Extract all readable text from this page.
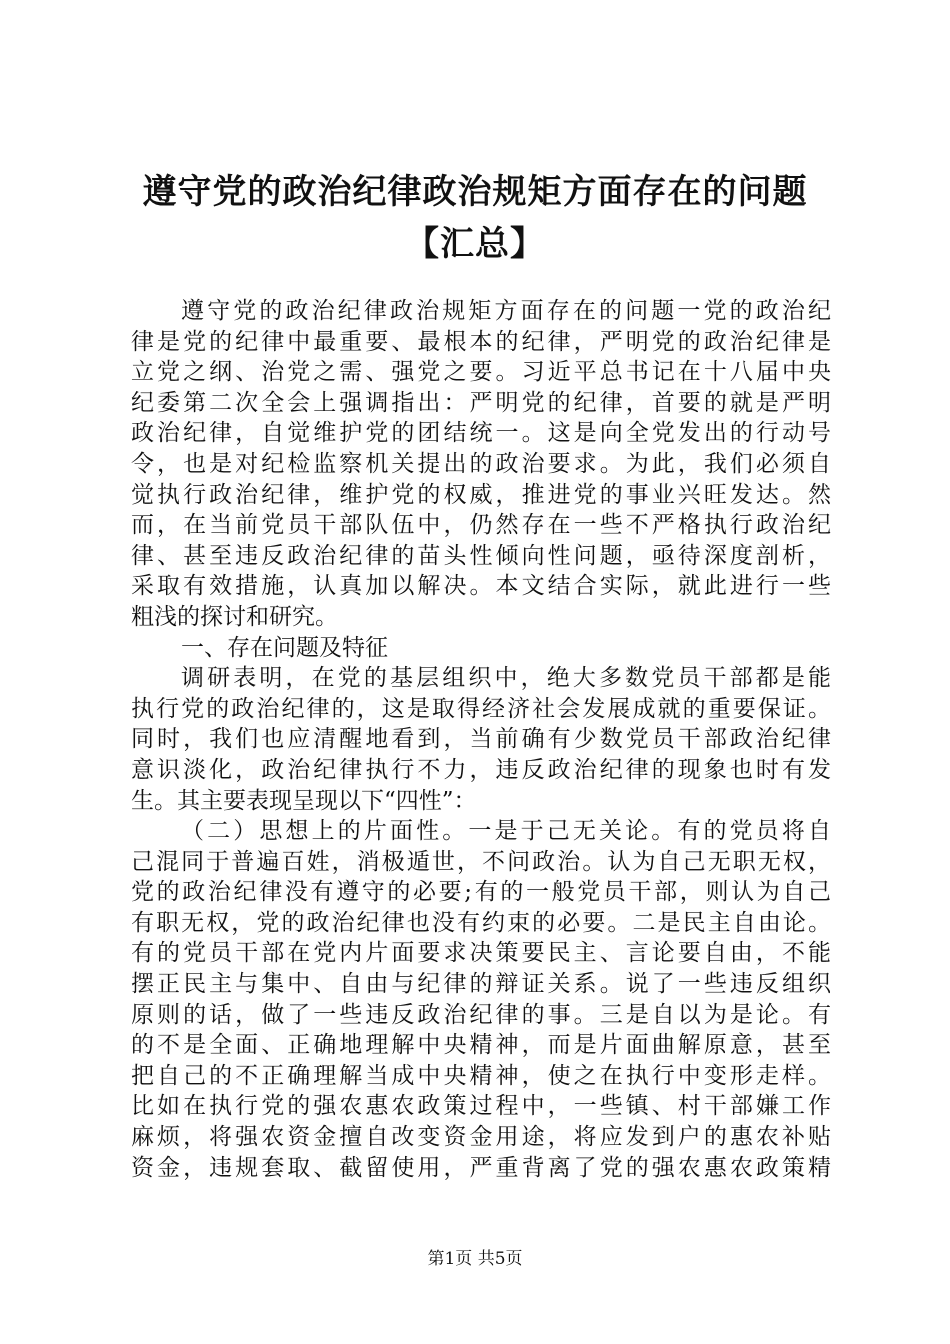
遵守党的政治纪律政治规矩方面存在的问题
【汇总】
遵守党的政治纪律政治规矩方面存在的问题一党的政治纪
律是党的纪律中最重要、最根本的纪律，严明党的政治纪律是
立党之纲、治党之需、强党之要。习近平总书记在十八届中央
纪委第二次全会上强调指出：严明党的纪律，首要的就是严明
政治纪律，自觉维护党的团结统一。这是向全党发出的行动号
令，也是对纪检监察机关提出的政治要求。为此，我们必须自
觉执行政治纪律，维护党的权威，推进党的事业兴旺发达。然
而，在当前党员干部队伍中，仍然存在一些不严格执行政治纪
律、甚至违反政治纪律的苗头性倾向性问题，亟待深度剖析，
采取有效措施，认真加以解决。本文结合实际，就此进行一些
粗浅的探讨和研究。
一、存在问题及特征
调研表明，在党的基层组织中，绝大多数党员干部都是能
执行党的政治纪律的，这是取得经济社会发展成就的重要保证。
同时，我们也应清醒地看到，当前确有少数党员干部政治纪律
意识淡化，政治纪律执行不力，违反政治纪律的现象也时有发
生。其主要表现呈现以下“四性”：
（二）思想上的片面性。一是于己无关论。有的党员将自
己混同于普遍百姓，消极遁世，不问政治。认为自己无职无权，
党的政治纪律没有遵守的必要;有的一般党员干部，则认为自己
有职无权，党的政治纪律也没有约束的必要。二是民主自由论。
有的党员干部在党内片面要求决策要民主、言论要自由，不能
摆正民主与集中、自由与纪律的辩证关系。说了一些违反组织
原则的话，做了一些违反政治纪律的事。三是自以为是论。有
的不是全面、正确地理解中央精神，而是片面曲解原意，甚至
把自己的不正确理解当成中央精神，使之在执行中变形走样。
比如在执行党的强农惠农政策过程中，一些镇、村干部嫌工作
麻烦，将强农资金擅自改变资金用途，将应发到户的惠农补贴
资金，违规套取、截留使用，严重背离了党的强农惠农政策精
第1页 共5页
